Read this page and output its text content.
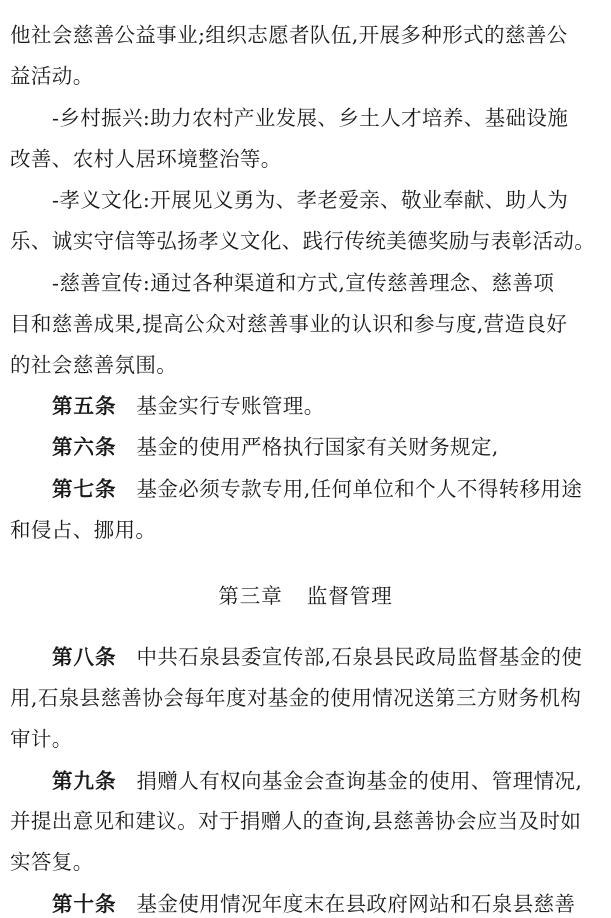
他社会慈善公益事业;组织志愿者队伍,开展多种形式的慈善公
益活动。
-乡村振兴:助力农村产业发展、乡土人才培养、基础设施
改善、农村人居环境整治等。
-孝义文化:开展见义勇为、孝老爱亲、敬业奉献、助人为
乐、诚实守信等弘扬孝义文化、践行传统美德奖励与表彰活动。
-慈善宣传:通过各种渠道和方式,宣传慈善理念、慈善项
目和慈善成果,提高公众对慈善事业的认识和参与度,营造良好
的社会慈善氛围。
第五条 基金实行专账管理。
第六条 基金的使用严格执行国家有关财务规定,
第七条 基金必须专款专用,任何单位和个人不得转移用途
和侵占、挪用。
第三章 监督管理
第八条 中共石泉县委宣传部,石泉县民政局监督基金的使
用,石泉县慈善协会每年度对基金的使用情况送第三方财务机构
审计。
第九条 捐赠人有权向基金会查询基金的使用、管理情况,
并提出意见和建议。对于捐赠人的查询,县慈善协会应当及时如
实答复。
第十条 基金使用情况年度末在县政府网站和石泉县慈善
